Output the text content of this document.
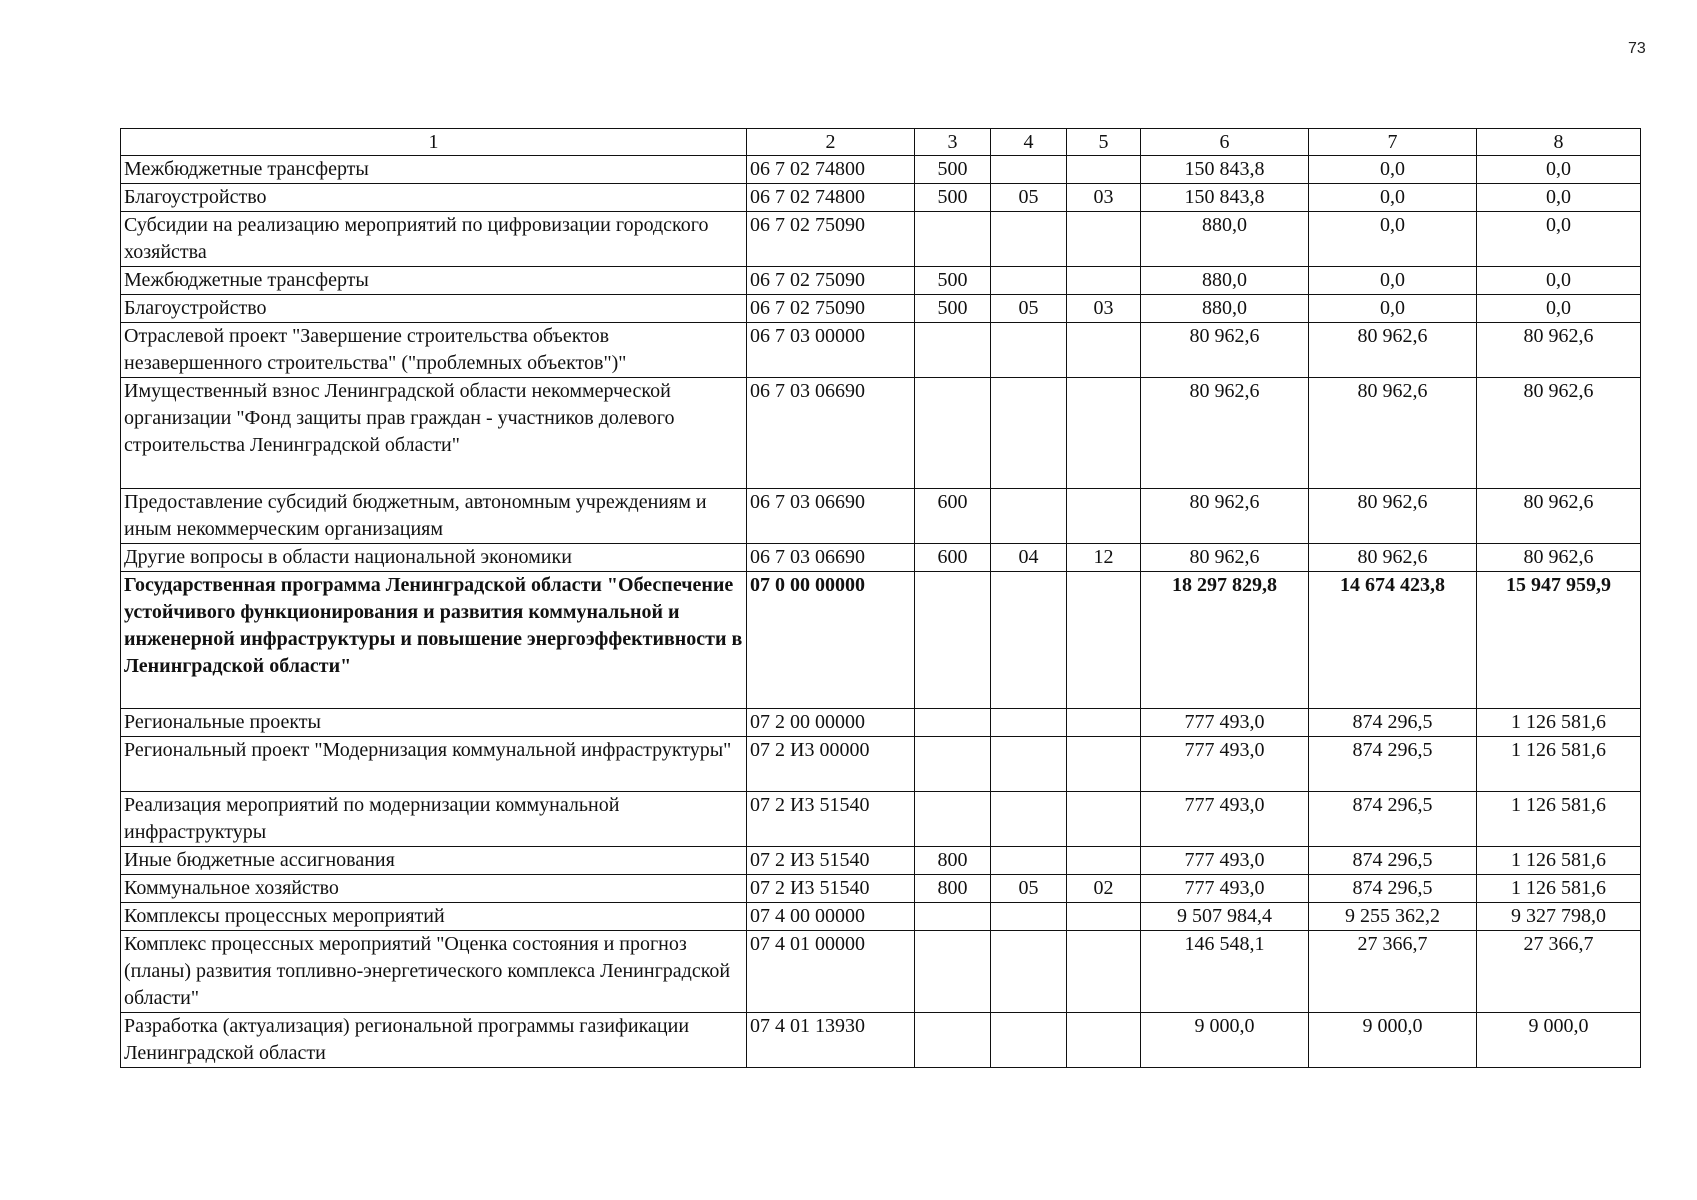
73
1	2	3	4	5	6	7	8
Межбюджетные трансферты	06 7 02 74800	500			150 843,8	0,0	0,0
Благоустройство	06 7 02 74800	500	05	03	150 843,8	0,0	0,0
Субсидии на реализацию мероприятий по цифровизации городского хозяйства	06 7 02 75090				880,0	0,0	0,0
Межбюджетные трансферты	06 7 02 75090	500			880,0	0,0	0,0
Благоустройство	06 7 02 75090	500	05	03	880,0	0,0	0,0
Отраслевой проект "Завершение строительства объектов незавершенного строительства" ("проблемных объектов")"	06 7 03 00000				80 962,6	80 962,6	80 962,6
Имущественный взнос Ленинградской области некоммерческой организации "Фонд защиты прав граждан - участников долевого строительства Ленинградской области"	06 7 03 06690				80 962,6	80 962,6	80 962,6
Предоставление субсидий бюджетным, автономным учреждениям и иным некоммерческим организациям	06 7 03 06690	600			80 962,6	80 962,6	80 962,6
Другие вопросы в области национальной экономики	06 7 03 06690	600	04	12	80 962,6	80 962,6	80 962,6
Государственная программа Ленинградской области "Обеспечение устойчивого функционирования и развития коммунальной и инженерной инфраструктуры и повышение энергоэффективности в Ленинградской области"	07 0 00 00000				18 297 829,8	14 674 423,8	15 947 959,9
Региональные проекты	07 2 00 00000				777 493,0	874 296,5	1 126 581,6
Региональный проект "Модернизация коммунальной инфраструктуры"	07 2 И3 00000				777 493,0	874 296,5	1 126 581,6
Реализация мероприятий по модернизации коммунальной инфраструктуры	07 2 И3 51540				777 493,0	874 296,5	1 126 581,6
Иные бюджетные ассигнования	07 2 И3 51540	800			777 493,0	874 296,5	1 126 581,6
Коммунальное хозяйство	07 2 И3 51540	800	05	02	777 493,0	874 296,5	1 126 581,6
Комплексы процессных мероприятий	07 4 00 00000				9 507 984,4	9 255 362,2	9 327 798,0
Комплекс процессных мероприятий "Оценка состояния и прогноз (планы) развития топливно-энергетического комплекса Ленинградской области"	07 4 01 00000				146 548,1	27 366,7	27 366,7
Разработка (актуализация) региональной программы газификации Ленинградской области	07 4 01 13930				9 000,0	9 000,0	9 000,0
